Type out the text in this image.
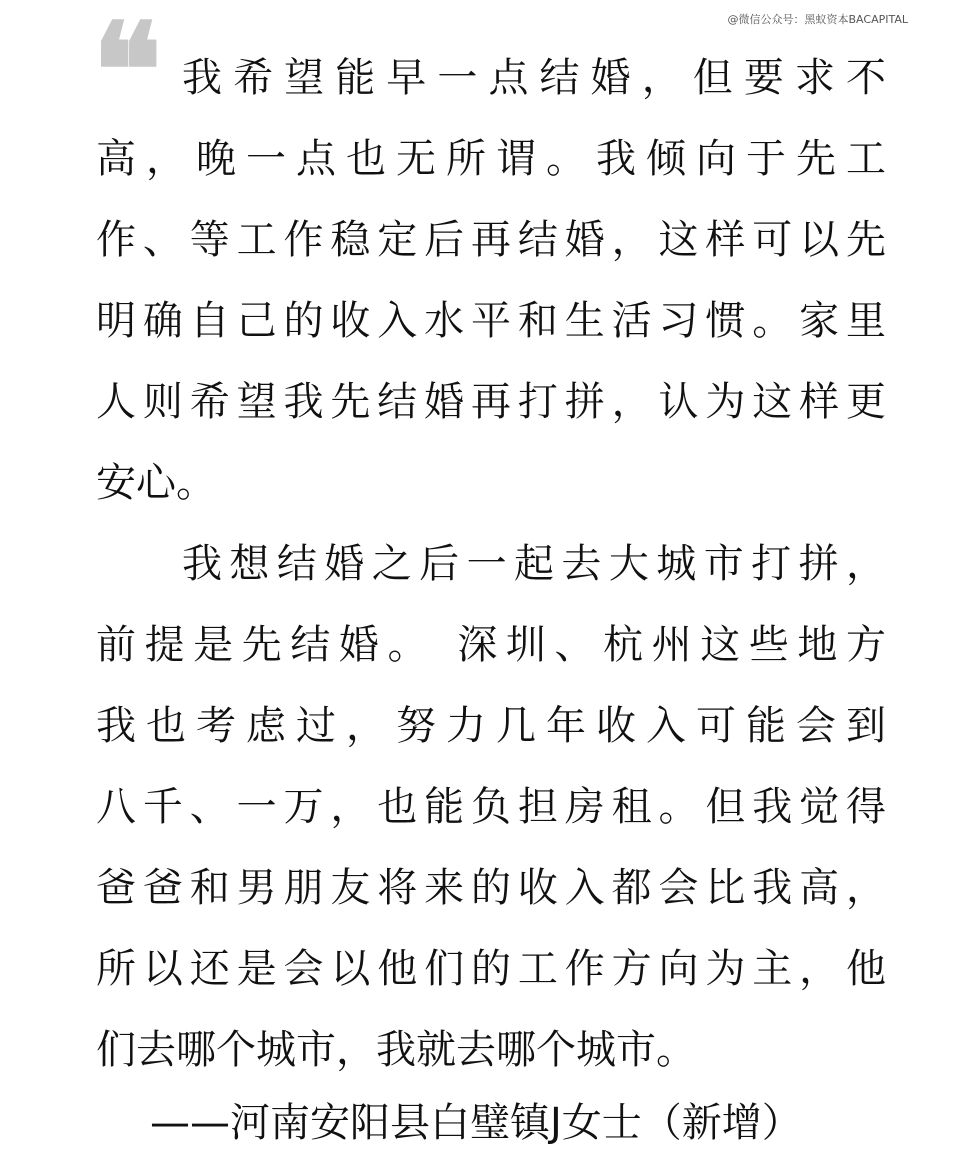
@微信公众号：黑蚁资本BACAPITAL
❝ 我希望能早一点结婚，但要求不
高，晚一点也无所谓。我倾向于先工
作、等工作稳定后再结婚，这样可以先
明确自己的收入水平和生活习惯。家里
人则希望我先结婚再打拼，认为这样更
安心。
我想结婚之后一起去大城市打拼，
前提是先结婚。 深圳、杭州这些地方
我也考虑过，努力几年收入可能会到
八千、一万，也能负担房租。但我觉得
爸爸和男朋友将来的收入都会比我高，
所以还是会以他们的工作方向为主，他
们去哪个城市，我就去哪个城市。
——河南安阳县白璧镇J女士（新增）
